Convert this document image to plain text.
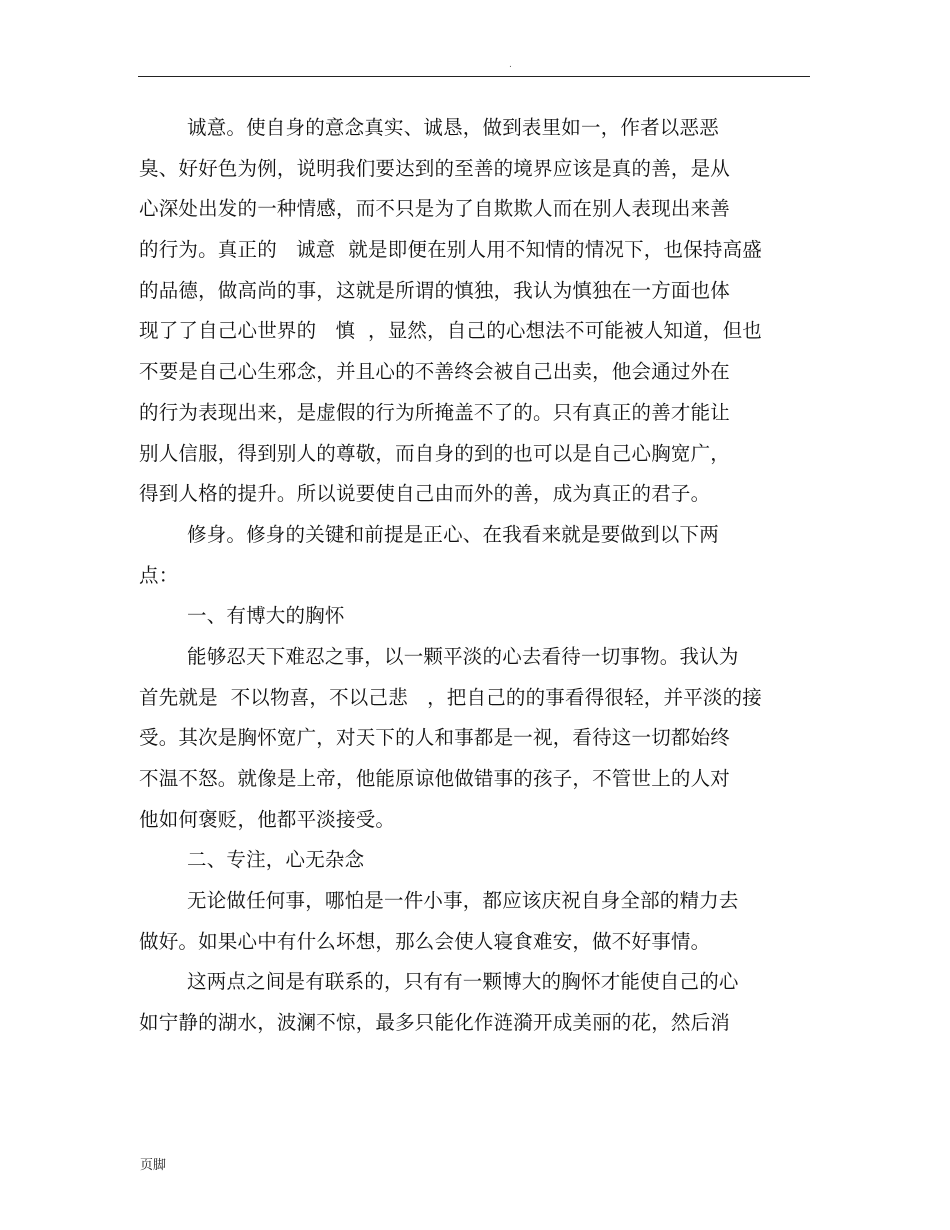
.
诚意。使自身的意念真实、诚恳，做到表里如一，作者以恶恶
臭、好好色为例，说明我们要达到的至善的境界应该是真的善，是从
心深处出发的一种情感，而不只是为了自欺欺人而在别人表现出来善
的行为。真正的   诚意  就是即便在别人用不知情的情况下，也保持高盛
的品德，做高尚的事，这就是所谓的慎独，我认为慎独在一方面也体
现了了自己心世界的   慎  ，显然，自己的心想法不可能被人知道，但也
不要是自己心生邪念，并且心的不善终会被自己出卖，他会通过外在
的行为表现出来，是虚假的行为所掩盖不了的。只有真正的善才能让
别人信服，得到别人的尊敬，而自身的到的也可以是自己心胸宽广，
得到人格的提升。所以说要使自己由而外的善，成为真正的君子。
修身。修身的关键和前提是正心、在我看来就是要做到以下两
点：
一、有博大的胸怀
能够忍天下难忍之事，以一颗平淡的心去看待一切事物。我认为
首先就是  不以物喜，不以己悲   ，把自己的的事看得很轻，并平淡的接
受。其次是胸怀宽广，对天下的人和事都是一视，看待这一切都始终
不温不怒。就像是上帝，他能原谅他做错事的孩子，不管世上的人对
他如何褒贬，他都平淡接受。
二、专注，心无杂念
无论做任何事，哪怕是一件小事，都应该庆祝自身全部的精力去
做好。如果心中有什么坏想，那么会使人寝食难安，做不好事情。
这两点之间是有联系的，只有有一颗博大的胸怀才能使自己的心
如宁静的湖水，波澜不惊，最多只能化作涟漪开成美丽的花，然后消
页脚
